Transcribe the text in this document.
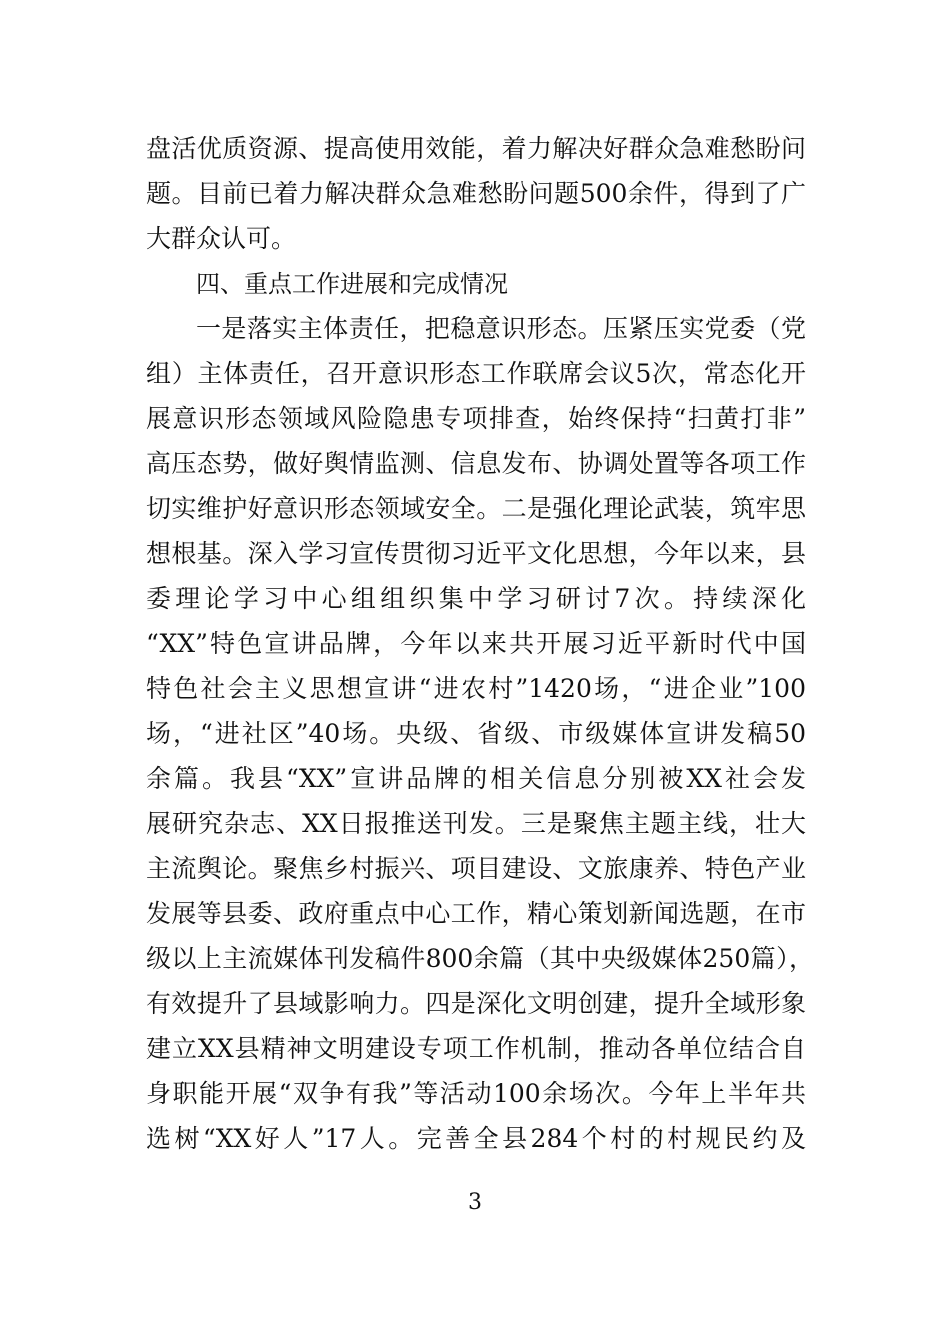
盘活优质资源、提高使用效能，着力解决好群众急难愁盼问
题。目前已着力解决群众急难愁盼问题500余件，得到了广
大群众认可。
四、重点工作进展和完成情况
一是落实主体责任，把稳意识形态。压紧压实党委（党
组）主体责任，召开意识形态工作联席会议5次，常态化开
展意识形态领域风险隐患专项排查，始终保持“扫黄打非”
高压态势，做好舆情监测、信息发布、协调处置等各项工作
切实维护好意识形态领域安全。二是强化理论武装，筑牢思
想根基。深入学习宣传贯彻习近平文化思想，今年以来，县
委理论学习中心组组织集中学习研讨7次。持续深化
“XX”特色宣讲品牌，今年以来共开展习近平新时代中国
特色社会主义思想宣讲“进农村”1420场，“进企业”100
场，“进社区”40场。央级、省级、市级媒体宣讲发稿50
余篇。我县“XX”宣讲品牌的相关信息分别被XX社会发
展研究杂志、XX日报推送刊发。三是聚焦主题主线，壮大
主流舆论。聚焦乡村振兴、项目建设、文旅康养、特色产业
发展等县委、政府重点中心工作，精心策划新闻选题，在市
级以上主流媒体刊发稿件800余篇（其中央级媒体250篇），
有效提升了县域影响力。四是深化文明创建，提升全域形象
建立XX县精神文明建设专项工作机制，推动各单位结合自
身职能开展“双争有我”等活动100余场次。今年上半年共
选树“XX好人”17人。完善全县284个村的村规民约及
3
